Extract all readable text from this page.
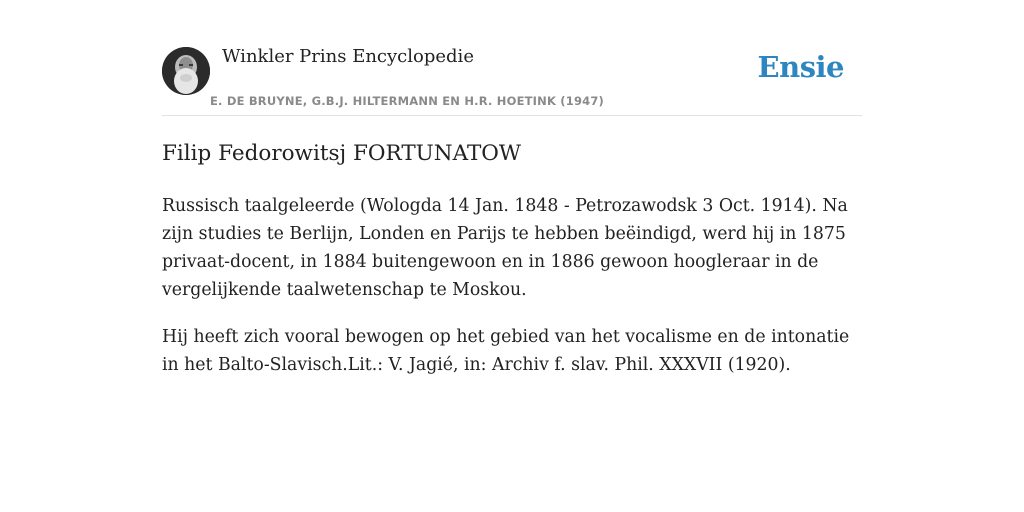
Winkler Prins Encyclopedie
E. DE BRUYNE, G.B.J. HILTERMANN EN H.R. HOETINK (1947)
Ensie
Filip Fedorowitsj FORTUNATOW

Russisch taalgeleerde (Wologda 14 Jan. 1848 - Petrozawodsk 3 Oct. 1914). Na zijn studies te Berlijn, Londen en Parijs te hebben beëindigd, werd hij in 1875 privaat-docent, in 1884 buitengewoon en in 1886 gewoon hoogleraar in de vergelijkende taalwetenschap te Moskou.

Hij heeft zich vooral bewogen op het gebied van het vocalisme en de intonatie in het Balto-Slavisch.Lit.: V. Jagié, in: Archiv f. slav. Phil. XXXVII (1920).
